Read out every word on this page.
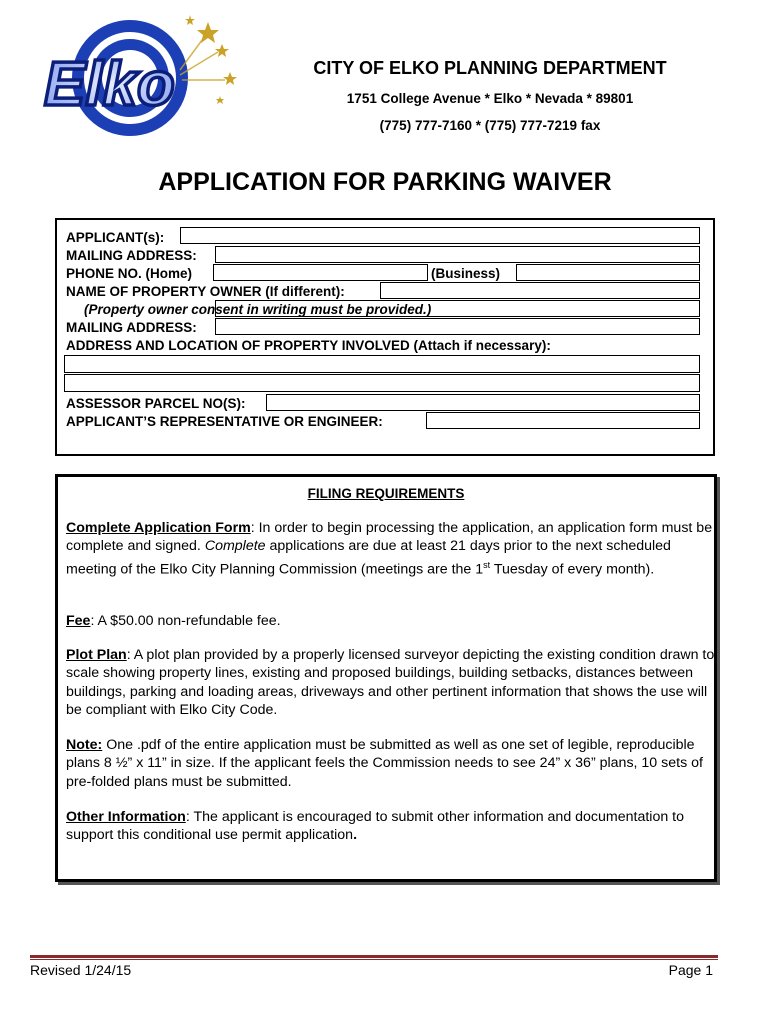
Elko	CITY OF ELKO PLANNING DEPARTMENT
1751 College Avenue * Elko * Nevada * 89801
(775) 777-7160 * (775) 777-7219 fax
APPLICATION FOR PARKING WAIVER
APPLICANT(s):
MAILING ADDRESS:
PHONE NO. (Home)	(Business)
NAME OF PROPERTY OWNER (If different):
(Property owner consent in writing must be provided.)
MAILING ADDRESS:
ADDRESS AND LOCATION OF PROPERTY INVOLVED (Attach if necessary):
ASSESSOR PARCEL NO(S):
APPLICANT’S REPRESENTATIVE OR ENGINEER:
FILING REQUIREMENTS
Complete Application Form: In order to begin processing the application, an application form must be complete and signed. Complete applications are due at least 21 days prior to the next scheduled meeting of the Elko City Planning Commission (meetings are the 1st Tuesday of every month).
Fee: A $50.00 non-refundable fee.
Plot Plan: A plot plan provided by a properly licensed surveyor depicting the existing condition drawn to scale showing property lines, existing and proposed buildings, building setbacks, distances between buildings, parking and loading areas, driveways and other pertinent information that shows the use will be compliant with Elko City Code.
Note: One .pdf of the entire application must be submitted as well as one set of legible, reproducible plans 8 ½” x 11” in size. If the applicant feels the Commission needs to see 24” x 36” plans, 10 sets of pre-folded plans must be submitted.
Other Information: The applicant is encouraged to submit other information and documentation to support this conditional use permit application.
Revised 1/24/15	Page 1
